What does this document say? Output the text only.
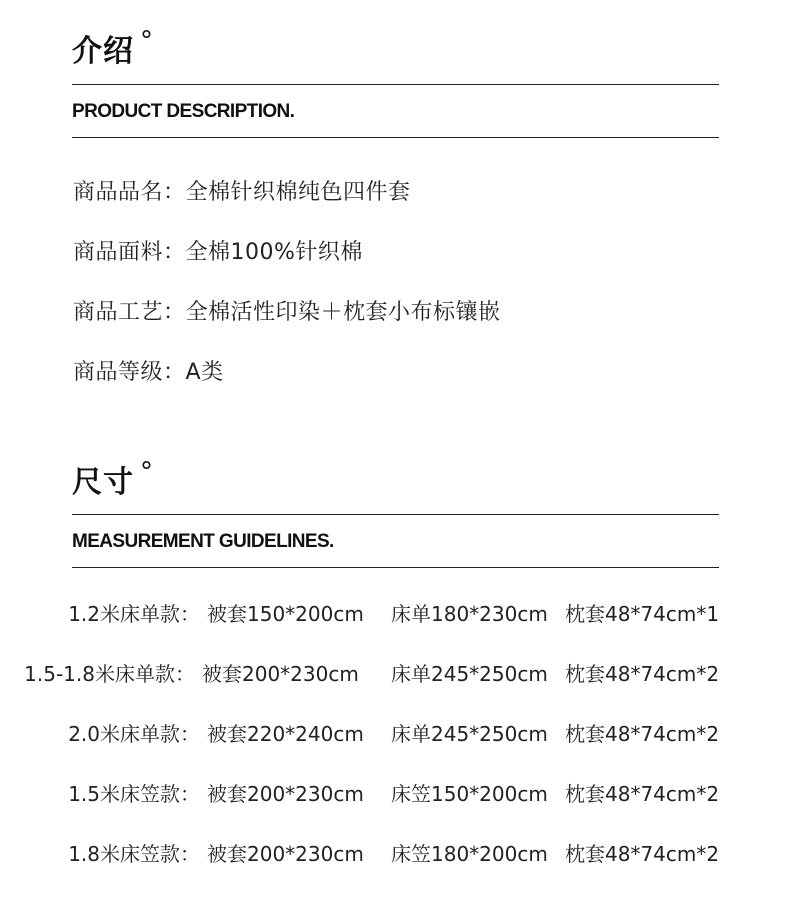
介绍 °
PRODUCT DESCRIPTION.
商品品名：全棉针织棉纯色四件套
商品面料：全棉100%针织棉
商品工艺：全棉活性印染＋枕套小布标镶嵌
商品等级：A类
尺寸 °
MEASUREMENT GUIDELINES.
1.2米床单款： 被套150*200cm 床单180*230cm 枕套48*74cm*1
1.5-1.8米床单款： 被套200*230cm 床单245*250cm 枕套48*74cm*2
2.0米床单款： 被套220*240cm 床单245*250cm 枕套48*74cm*2
1.5米床笠款： 被套200*230cm 床笠150*200cm 枕套48*74cm*2
1.8米床笠款： 被套200*230cm 床笠180*200cm 枕套48*74cm*2
